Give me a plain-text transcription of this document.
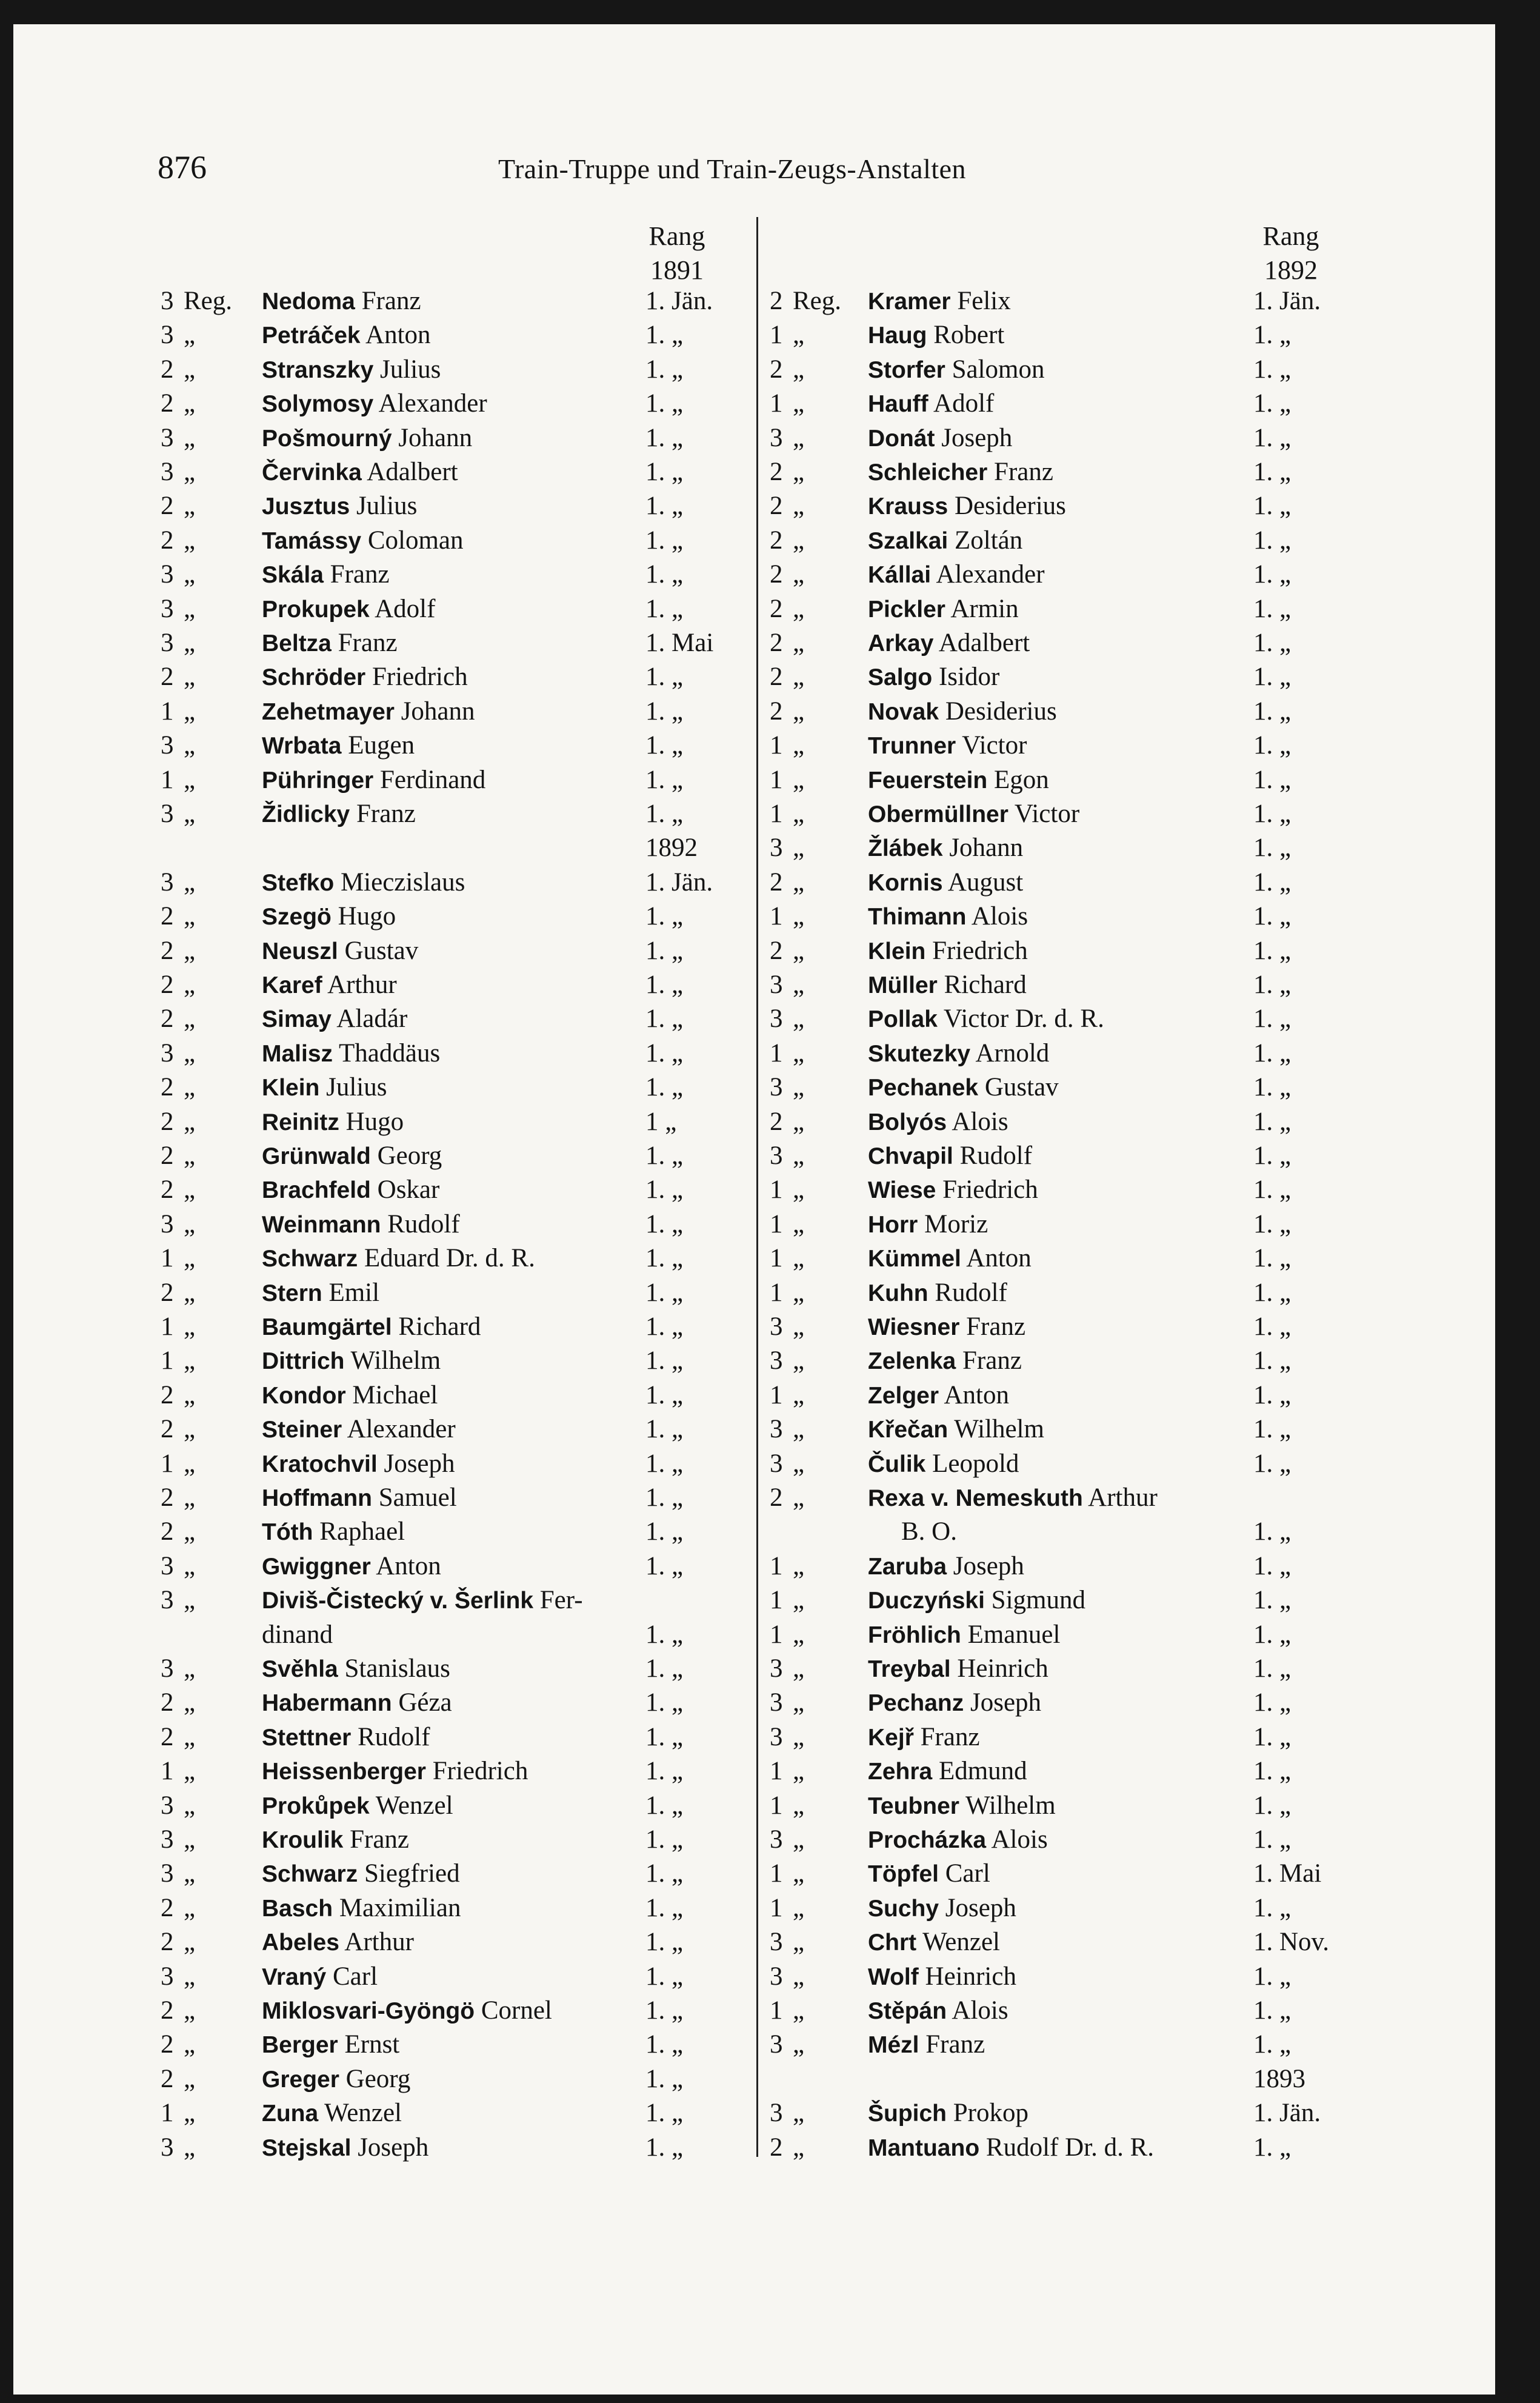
876	Train-Truppe und Train-Zeugs-Anstalten
Rang
1891
Rang
1892
3 Reg. Nedoma Franz	1. Jän.
3 „	Petráček Anton	1. „
2 „	Stranszky Julius	1. „
2 „	Solymosy Alexander	1. „
3 „	Pošmourný Johann	1. „
3 „	Červinka Adalbert	1. „
2 „	Jusztus Julius	1. „
2 „	Tamássy Coloman	1. „
3 „	Skála Franz	1. „
3 „	Prokupek Adolf	1. „
3 „	Beltza Franz	1. Mai
2 „	Schröder Friedrich	1. „
1 „	Zehetmayer Johann	1. „
3 „	Wrbata Eugen	1. „
1 „	Pühringer Ferdinand	1. „
3 „	Židlicky Franz	1. „
1892
3 „	Stefko Mieczislaus	1. Jän.
2 „	Szegö Hugo	1. „
2 „	Neuszl Gustav	1. „
2 „	Karef Arthur	1. „
2 „	Simay Aladár	1. „
3 „	Malisz Thaddäus	1. „
2 „	Klein Julius	1. „
2 „	Reinitz Hugo	1 „
2 „	Grünwald Georg	1. „
2 „	Brachfeld Oskar	1. „
3 „	Weinmann Rudolf	1. „
1 „	Schwarz Eduard Dr. d. R.	1. „
2 „	Stern Emil	1. „
1 „	Baumgärtel Richard	1. „
1 „	Dittrich Wilhelm	1. „
2 „	Kondor Michael	1. „
2 „	Steiner Alexander	1. „
1 „	Kratochvil Joseph	1. „
2 „	Hoffmann Samuel	1. „
2 „	Tóth Raphael	1. „
3 „	Gwiggner Anton	1. „
3 „	Diviš-Čistecký v. Šerlink Fer-
dinand	1. „
3 „	Svěhla Stanislaus	1. „
2 „	Habermann Géza	1. „
2 „	Stettner Rudolf	1. „
1 „	Heissenberger Friedrich	1. „
3 „	Prokůpek Wenzel	1. „
3 „	Kroulik Franz	1. „
3 „	Schwarz Siegfried	1. „
2 „	Basch Maximilian	1. „
2 „	Abeles Arthur	1. „
3 „	Vraný Carl	1. „
2 „	Miklosvari-Gyöngö Cornel	1. „
2 „	Berger Ernst	1. „
2 „	Greger Georg	1. „
1 „	Zuna Wenzel	1. „
3 „	Stejskal Joseph	1. „
2 Reg. Kramer Felix	1. Jän.
1 „	Haug Robert	1. „
2 „	Storfer Salomon	1. „
1 „	Hauff Adolf	1. „
3 „	Donát Joseph	1. „
2 „	Schleicher Franz	1. „
2 „	Krauss Desiderius	1. „
2 „	Szalkai Zoltán	1. „
2 „	Kállai Alexander	1. „
2 „	Pickler Armin	1. „
2 „	Arkay Adalbert	1. „
2 „	Salgo Isidor	1. „
2 „	Novak Desiderius	1. „
1 „	Trunner Victor	1. „
1 „	Feuerstein Egon	1. „
1 „	Obermüllner Victor	1. „
3 „	Žlábek Johann	1. „
2 „	Kornis August	1. „
1 „	Thimann Alois	1. „
2 „	Klein Friedrich	1. „
3 „	Müller Richard	1. „
3 „	Pollak Victor Dr. d. R.	1. „
1 „	Skutezky Arnold	1. „
3 „	Pechanek Gustav	1. „
2 „	Bolyós Alois	1. „
3 „	Chvapil Rudolf	1. „
1 „	Wiese Friedrich	1. „
1 „	Horr Moriz	1. „
1 „	Kümmel Anton	1. „
1 „	Kuhn Rudolf	1. „
3 „	Wiesner Franz	1. „
3 „	Zelenka Franz	1. „
1 „	Zelger Anton	1. „
3 „	Křečan Wilhelm	1. „
3 „	Čulik Leopold	1. „
2 „	Rexa v. Nemeskuth Arthur
B. O.	1. „
1 „	Zaruba Joseph	1. „
1 „	Duczyński Sigmund	1. „
1 „	Fröhlich Emanuel	1. „
3 „	Treybal Heinrich	1. „
3 „	Pechanz Joseph	1. „
3 „	Kejř Franz	1. „
1 „	Zehra Edmund	1. „
1 „	Teubner Wilhelm	1. „
3 „	Procházka Alois	1. „
1 „	Töpfel Carl	1. Mai
1 „	Suchy Joseph	1. „
3 „	Chrt Wenzel	1. Nov.
3 „	Wolf Heinrich	1. „
1 „	Stěpán Alois	1. „
3 „	Mézl Franz	1. „
1893
3 „	Šupich Prokop	1. Jän.
2 „	Mantuano Rudolf Dr. d. R.	1. „
